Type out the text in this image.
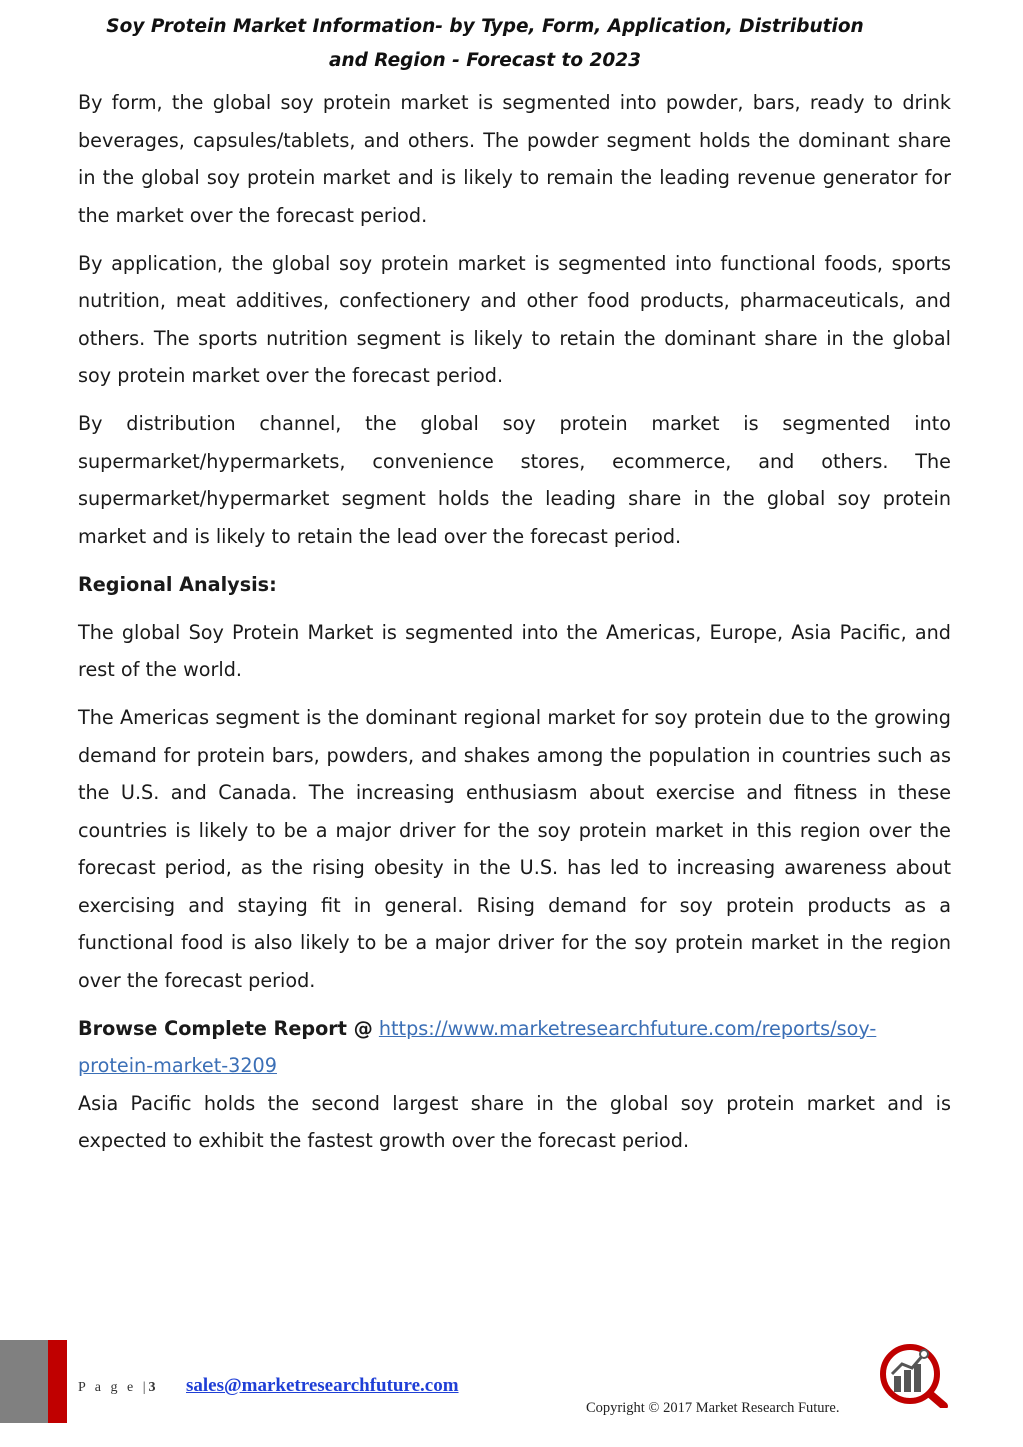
Soy Protein Market Information- by Type, Form, Application, Distribution
and Region - Forecast to 2023

By form, the global soy protein market is segmented into powder, bars, ready to drink beverages, capsules/tablets, and others. The powder segment holds the dominant share in the global soy protein market and is likely to remain the leading revenue generator for the market over the forecast period.

By application, the global soy protein market is segmented into functional foods, sports nutrition, meat additives, confectionery and other food products, pharmaceuticals, and others. The sports nutrition segment is likely to retain the dominant share in the global soy protein market over the forecast period.

By distribution channel, the global soy protein market is segmented into supermarket/hypermarkets, convenience stores, ecommerce, and others. The supermarket/hypermarket segment holds the leading share in the global soy protein market and is likely to retain the lead over the forecast period.

Regional Analysis:

The global Soy Protein Market is segmented into the Americas, Europe, Asia Pacific, and rest of the world.

The Americas segment is the dominant regional market for soy protein due to the growing demand for protein bars, powders, and shakes among the population in countries such as the U.S. and Canada. The increasing enthusiasm about exercise and fitness in these countries is likely to be a major driver for the soy protein market in this region over the forecast period, as the rising obesity in the U.S. has led to increasing awareness about exercising and staying fit in general. Rising demand for soy protein products as a functional food is also likely to be a major driver for the soy protein market in the region over the forecast period.

Browse Complete Report @ https://www.marketresearchfuture.com/reports/soy-protein-market-3209

Asia Pacific holds the second largest share in the global soy protein market and is expected to exhibit the fastest growth over the forecast period.

P a g e |3 sales@marketresearchfuture.com
Copyright © 2017 Market Research Future.
